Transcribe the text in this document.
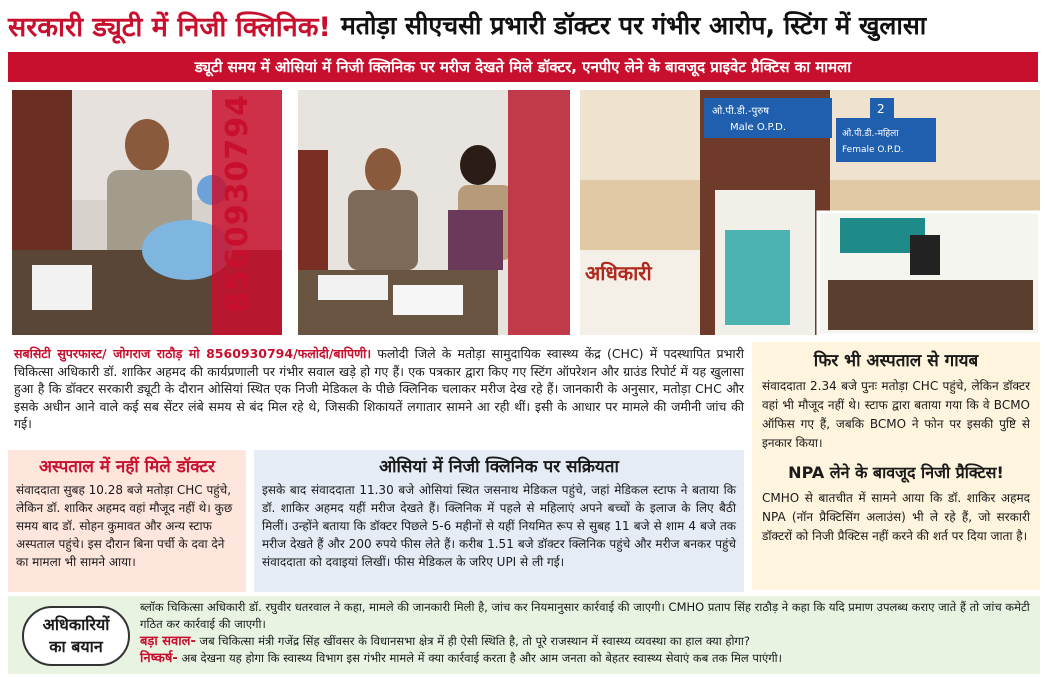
सरकारी ड्यूटी में निजी क्लिनिक! मतोड़ा सीएचसी प्रभारी डॉक्टर पर गंभीर आरोप, स्टिंग में खुलासा
ड्यूटी समय में ओसियां में निजी क्लिनिक पर मरीज देखते मिले डॉक्टर, एनपीए लेने के बावजूद प्राइवेट प्रैक्टिस का मामला
8560930794	ओ.पी.डी.-पुरुष
Male O.P.D.
ओ.पी.डी.-महिला
Female O.P.D.
2
अधिकारी
सबसिटी सुपरफास्ट/ जोगराज राठौड़ मो 8560930794/फलोदी/बापिणी। फलोदी जिले के मतोड़ा सामुदायिक स्वास्थ्य केंद्र (CHC) में पदस्थापित प्रभारी चिकित्सा अधिकारी डॉ. शाकिर अहमद की कार्यप्रणाली पर गंभीर सवाल खड़े हो गए हैं। एक पत्रकार द्वारा किए गए स्टिंग ऑपरेशन और ग्राउंड रिपोर्ट में यह खुलासा हुआ है कि डॉक्टर सरकारी ड्यूटी के दौरान ओसियां स्थित एक निजी मेडिकल के पीछे क्लिनिक चलाकर मरीज देख रहे हैं। जानकारी के अनुसार, मतोड़ा CHC और इसके अधीन आने वाले कई सब सेंटर लंबे समय से बंद मिल रहे थे, जिसकी शिकायतें लगातार सामने आ रही थीं। इसी के आधार पर मामले की जमीनी जांच की गई।
फिर भी अस्पताल से गायब
संवाददाता 2.34 बजे पुनः मतोड़ा CHC पहुंचे, लेकिन डॉक्टर वहां भी मौजूद नहीं थे। स्टाफ द्वारा बताया गया कि वे BCMO ऑफिस गए हैं, जबकि BCMO ने फोन पर इसकी पुष्टि से इनकार किया।
NPA लेने के बावजूद निजी प्रैक्टिस!
CMHO से बातचीत में सामने आया कि डॉ. शाकिर अहमद NPA (नॉन प्रैक्टिसिंग अलाउंस) भी ले रहे हैं, जो सरकारी डॉक्टरों को निजी प्रैक्टिस नहीं करने की शर्त पर दिया जाता है।
अस्पताल में नहीं मिले डॉक्टर
संवाददाता सुबह 10.28 बजे मतोड़ा CHC पहुंचे, लेकिन डॉ. शाकिर अहमद वहां मौजूद नहीं थे। कुछ समय बाद डॉ. सोहन कुमावत और अन्य स्टाफ अस्पताल पहुंचे। इस दौरान बिना पर्ची के दवा देने का मामला भी सामने आया।
ओसियां में निजी क्लिनिक पर सक्रियता
इसके बाद संवाददाता 11.30 बजे ओसियां स्थित जसनाथ मेडिकल पहुंचे, जहां मेडिकल स्टाफ ने बताया कि डॉ. शाकिर अहमद यहीं मरीज देखते हैं। क्लिनिक में पहले से महिलाएं अपने बच्चों के इलाज के लिए बैठी मिलीं। उन्होंने बताया कि डॉक्टर पिछले 5-6 महीनों से यहीं नियमित रूप से सुबह 11 बजे से शाम 4 बजे तक मरीज देखते हैं और 200 रुपये फीस लेते हैं। करीब 1.51 बजे डॉक्टर क्लिनिक पहुंचे और मरीज बनकर पहुंचे संवाददाता को दवाइयां लिखीं। फीस मेडिकल के जरिए UPI से ली गई।
अधिकारियों
का बयान
ब्लॉक चिकित्सा अधिकारी डॉ. रघुवीर धतरवाल ने कहा, मामले की जानकारी मिली है, जांच कर नियमानुसार कार्रवाई की जाएगी। CMHO प्रताप सिंह राठौड़ ने कहा कि यदि प्रमाण उपलब्ध कराए जाते हैं तो जांच कमेटी गठित कर कार्रवाई की जाएगी।
बड़ा सवाल- जब चिकित्सा मंत्री गजेंद्र सिंह खींवसर के विधानसभा क्षेत्र में ही ऐसी स्थिति है, तो पूरे राजस्थान में स्वास्थ्य व्यवस्था का हाल क्या होगा?
निष्कर्ष- अब देखना यह होगा कि स्वास्थ्य विभाग इस गंभीर मामले में क्या कार्रवाई करता है और आम जनता को बेहतर स्वास्थ्य सेवाएं कब तक मिल पाएंगी।
